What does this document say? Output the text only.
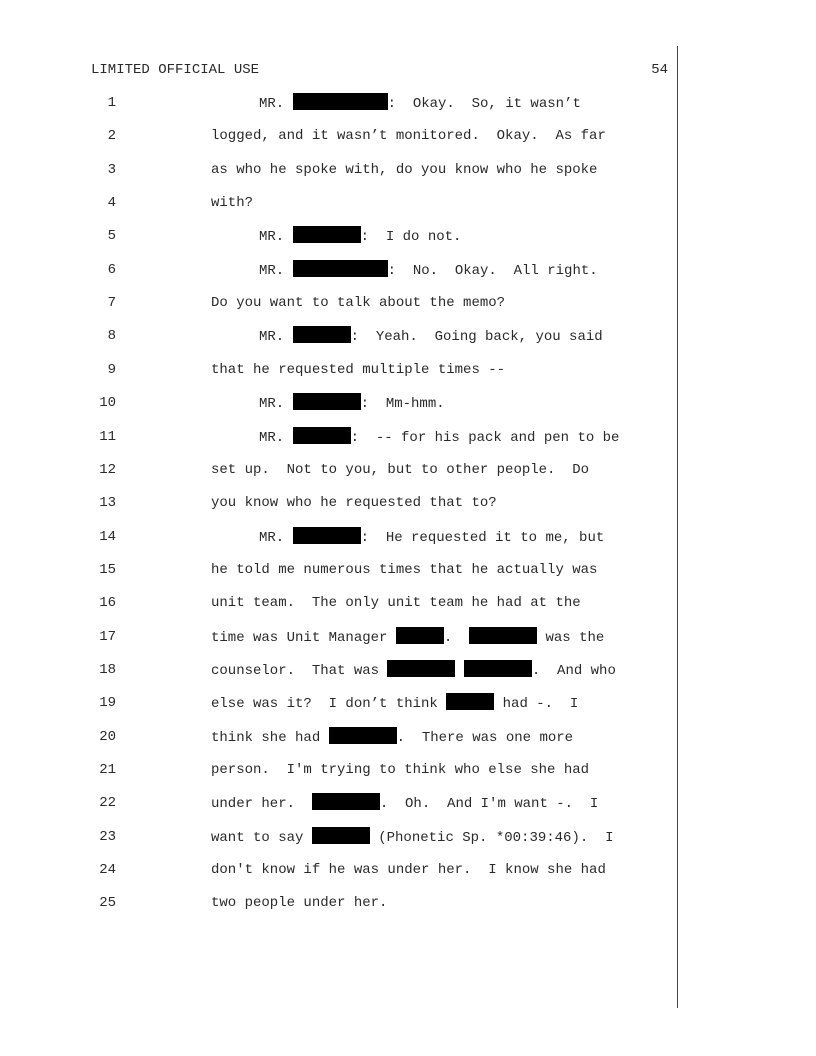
LIMITED OFFICIAL USE	54
1	MR.	:  Okay.  So, it wasn’t
2	logged, and it wasn’t monitored.  Okay.  As far
3	as who he spoke with, do you know who he spoke
4	with?
5	MR.	:  I do not.
6	MR.	:  No.  Okay.  All right.
7	Do you want to talk about the memo?
8	MR.	:  Yeah.  Going back, you said
9	that he requested multiple times --
10	MR.	:  Mm-hmm.
11	MR.	:  -- for his pack and pen to be
12	set up.  Not to you, but to other people.  Do
13	you know who he requested that to?
14	MR.	:  He requested it to me, but
15	he told me numerous times that he actually was
16	unit team.  The only unit team he had at the
17	time was Unit Manager	.	was the
18	counselor.  That was	.  And who
19	else was it?  I don’t think	had -.  I
20	think she had	.  There was one more
21	person.  I'm trying to think who else she had
22	under her.	.  Oh.  And I'm want -.  I
23	want to say	(Phonetic Sp. *00:39:46).  I
24	don't know if he was under her.  I know she had
25	two people under her.
